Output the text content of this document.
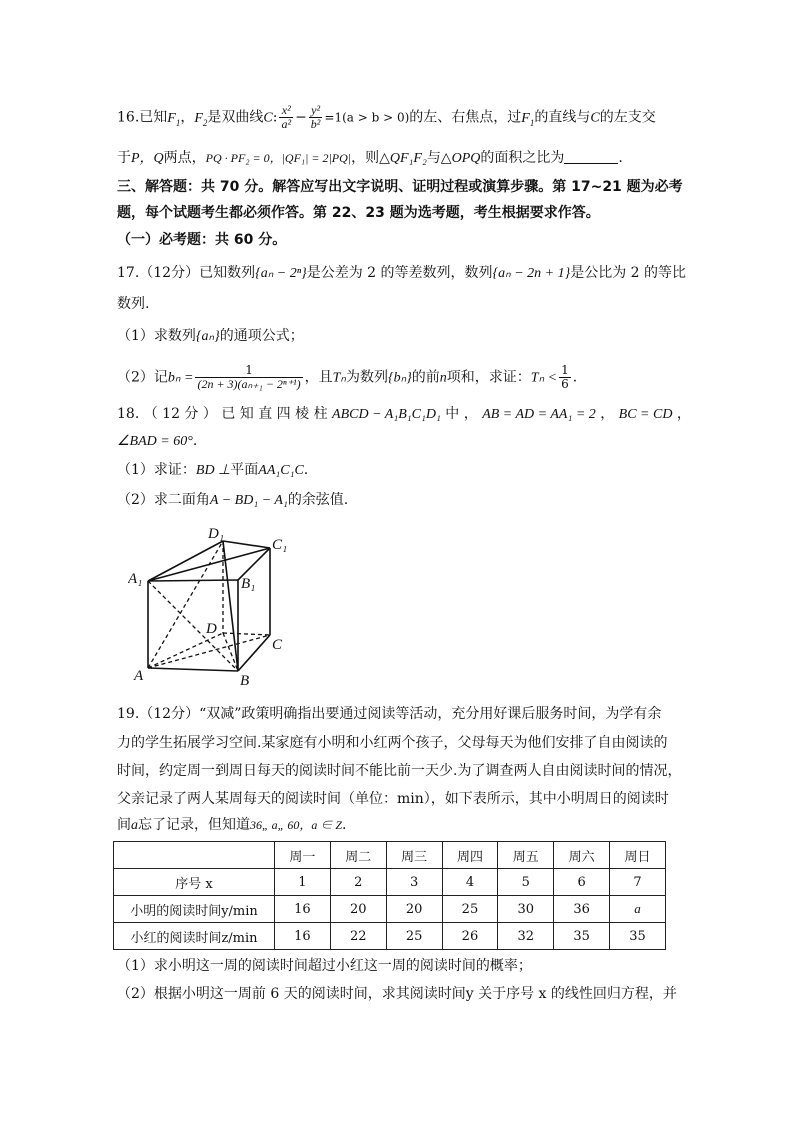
16.已知$F_1$，$F_2$是双曲线C: $\frac{\text{x²}}{\text{a²}} - \frac{\text{y²}}{\text{b²}} =1(a > b > 0)$的左、右焦点，过$F_1$的直线与C的左支交
于P，Q两点，PQ · PF₂ = 0，|QF₁| = 2|PQ|，则△QF₁F₂与△OPQ的面积之比为	.
三、解答题：共 70 分。解答应写出文字说明、证明过程或演算步骤。第 17~21 题为必考
题，每个试题考生都必须作答。第 22、23 题为选考题，考生根据要求作答。
（一）必考题：共 60 分。
17.（12分）已知数列{aₙ − 2ⁿ}是公差为 2 的等差数列，数列{aₙ − 2n + 1}是公比为 2 的等比
数列.
（1）求数列{aₙ}的通项公式；
（2）记$b_n = \frac{1}{\text{(2n + 3)(aₙ₊₁ − 2ⁿ⁺¹)}}$ ，且Tₙ为数列{bₙ}的前n项和，求证：$T_n < \frac{1}{6}$ .
18. （ 12 分 ） 已 知 直 四 棱 柱 ABCD − A₁B₁C₁D₁ 中 ， AB = AD = AA₁ = 2 ， BC = CD ，
∠BAD = 60°.
（1）求证：BD ⊥平面AA₁C₁C.
（2）求二面角A − BD₁ − A₁的余弦值.
D₁
C₁
A₁	B₁
D
C
A	B
19.（12分）“双减”政策明确指出要通过阅读等活动，充分用好课后服务时间，为学有余
力的学生拓展学习空间.某家庭有小明和小红两个孩子，父母每天为他们安排了自由阅读的
时间，约定周一到周日每天的阅读时间不能比前一天少.为了调查两人自由阅读时间的情况，
父亲记录了两人某周每天的阅读时间（单位：min），如下表所示，其中小明周日的阅读时
间a忘了记录，但知道36„ a„ 60，a ∈ Z.
	周一	周二	周三	周四	周五	周六	周日
序号 x	1	2	3	4	5	6	7
小明的阅读时间y/min	16	20	20	25	30	36	a
小红的阅读时间z/min	16	22	25	26	32	35	35
（1）求小明这一周的阅读时间超过小红这一周的阅读时间的概率；
（2）根据小明这一周前 6 天的阅读时间，求其阅读时间y 关于序号 x 的线性回归方程，并
